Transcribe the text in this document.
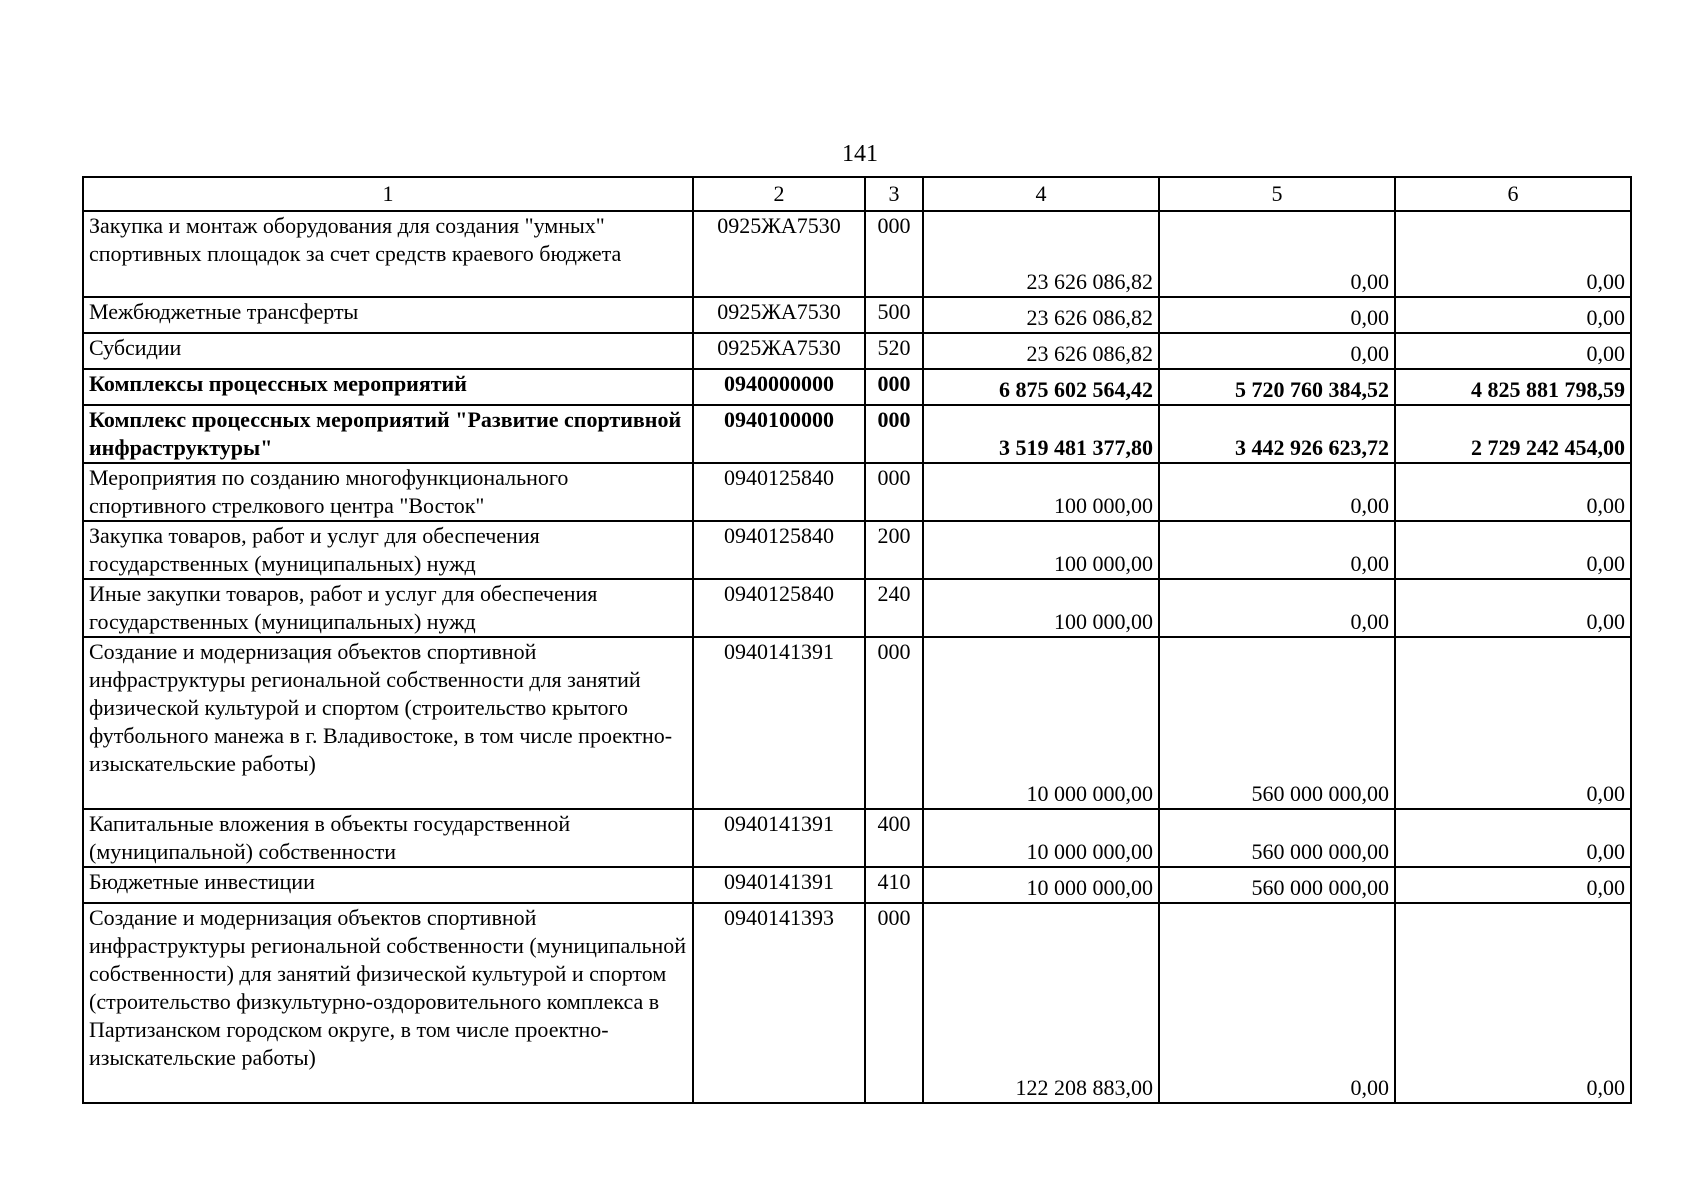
141
1	2	3	4	5	6
Закупка и монтаж оборудования для создания "умных" спортивных площадок за счет средств краевого бюджета	0925ЖА7530	000	23 626 086,82	0,00	0,00
Межбюджетные трансферты	0925ЖА7530	500	23 626 086,82	0,00	0,00
Субсидии	0925ЖА7530	520	23 626 086,82	0,00	0,00
Комплексы процессных мероприятий	0940000000	000	6 875 602 564,42	5 720 760 384,52	4 825 881 798,59
Комплекс процессных мероприятий "Развитие спортивной инфраструктуры"	0940100000	000	3 519 481 377,80	3 442 926 623,72	2 729 242 454,00
Мероприятия по созданию многофункционального спортивного стрелкового центра "Восток"	0940125840	000	100 000,00	0,00	0,00
Закупка товаров, работ и услуг для обеспечения государственных (муниципальных) нужд	0940125840	200	100 000,00	0,00	0,00
Иные закупки товаров, работ и услуг для обеспечения государственных (муниципальных) нужд	0940125840	240	100 000,00	0,00	0,00
Создание и модернизация объектов спортивной инфраструктуры региональной собственности для занятий физической культурой и спортом (строительство крытого футбольного манежа в г. Владивостоке, в том числе проектно-изыскательские работы)	0940141391	000	10 000 000,00	560 000 000,00	0,00
Капитальные вложения в объекты государственной (муниципальной) собственности	0940141391	400	10 000 000,00	560 000 000,00	0,00
Бюджетные инвестиции	0940141391	410	10 000 000,00	560 000 000,00	0,00
Создание и модернизация объектов спортивной инфраструктуры региональной собственности (муниципальной собственности) для занятий физической культурой и спортом (строительство физкультурно-оздоровительного комплекса в Партизанском городском округе, в том числе проектно-изыскательские работы)	0940141393	000	122 208 883,00	0,00	0,00
